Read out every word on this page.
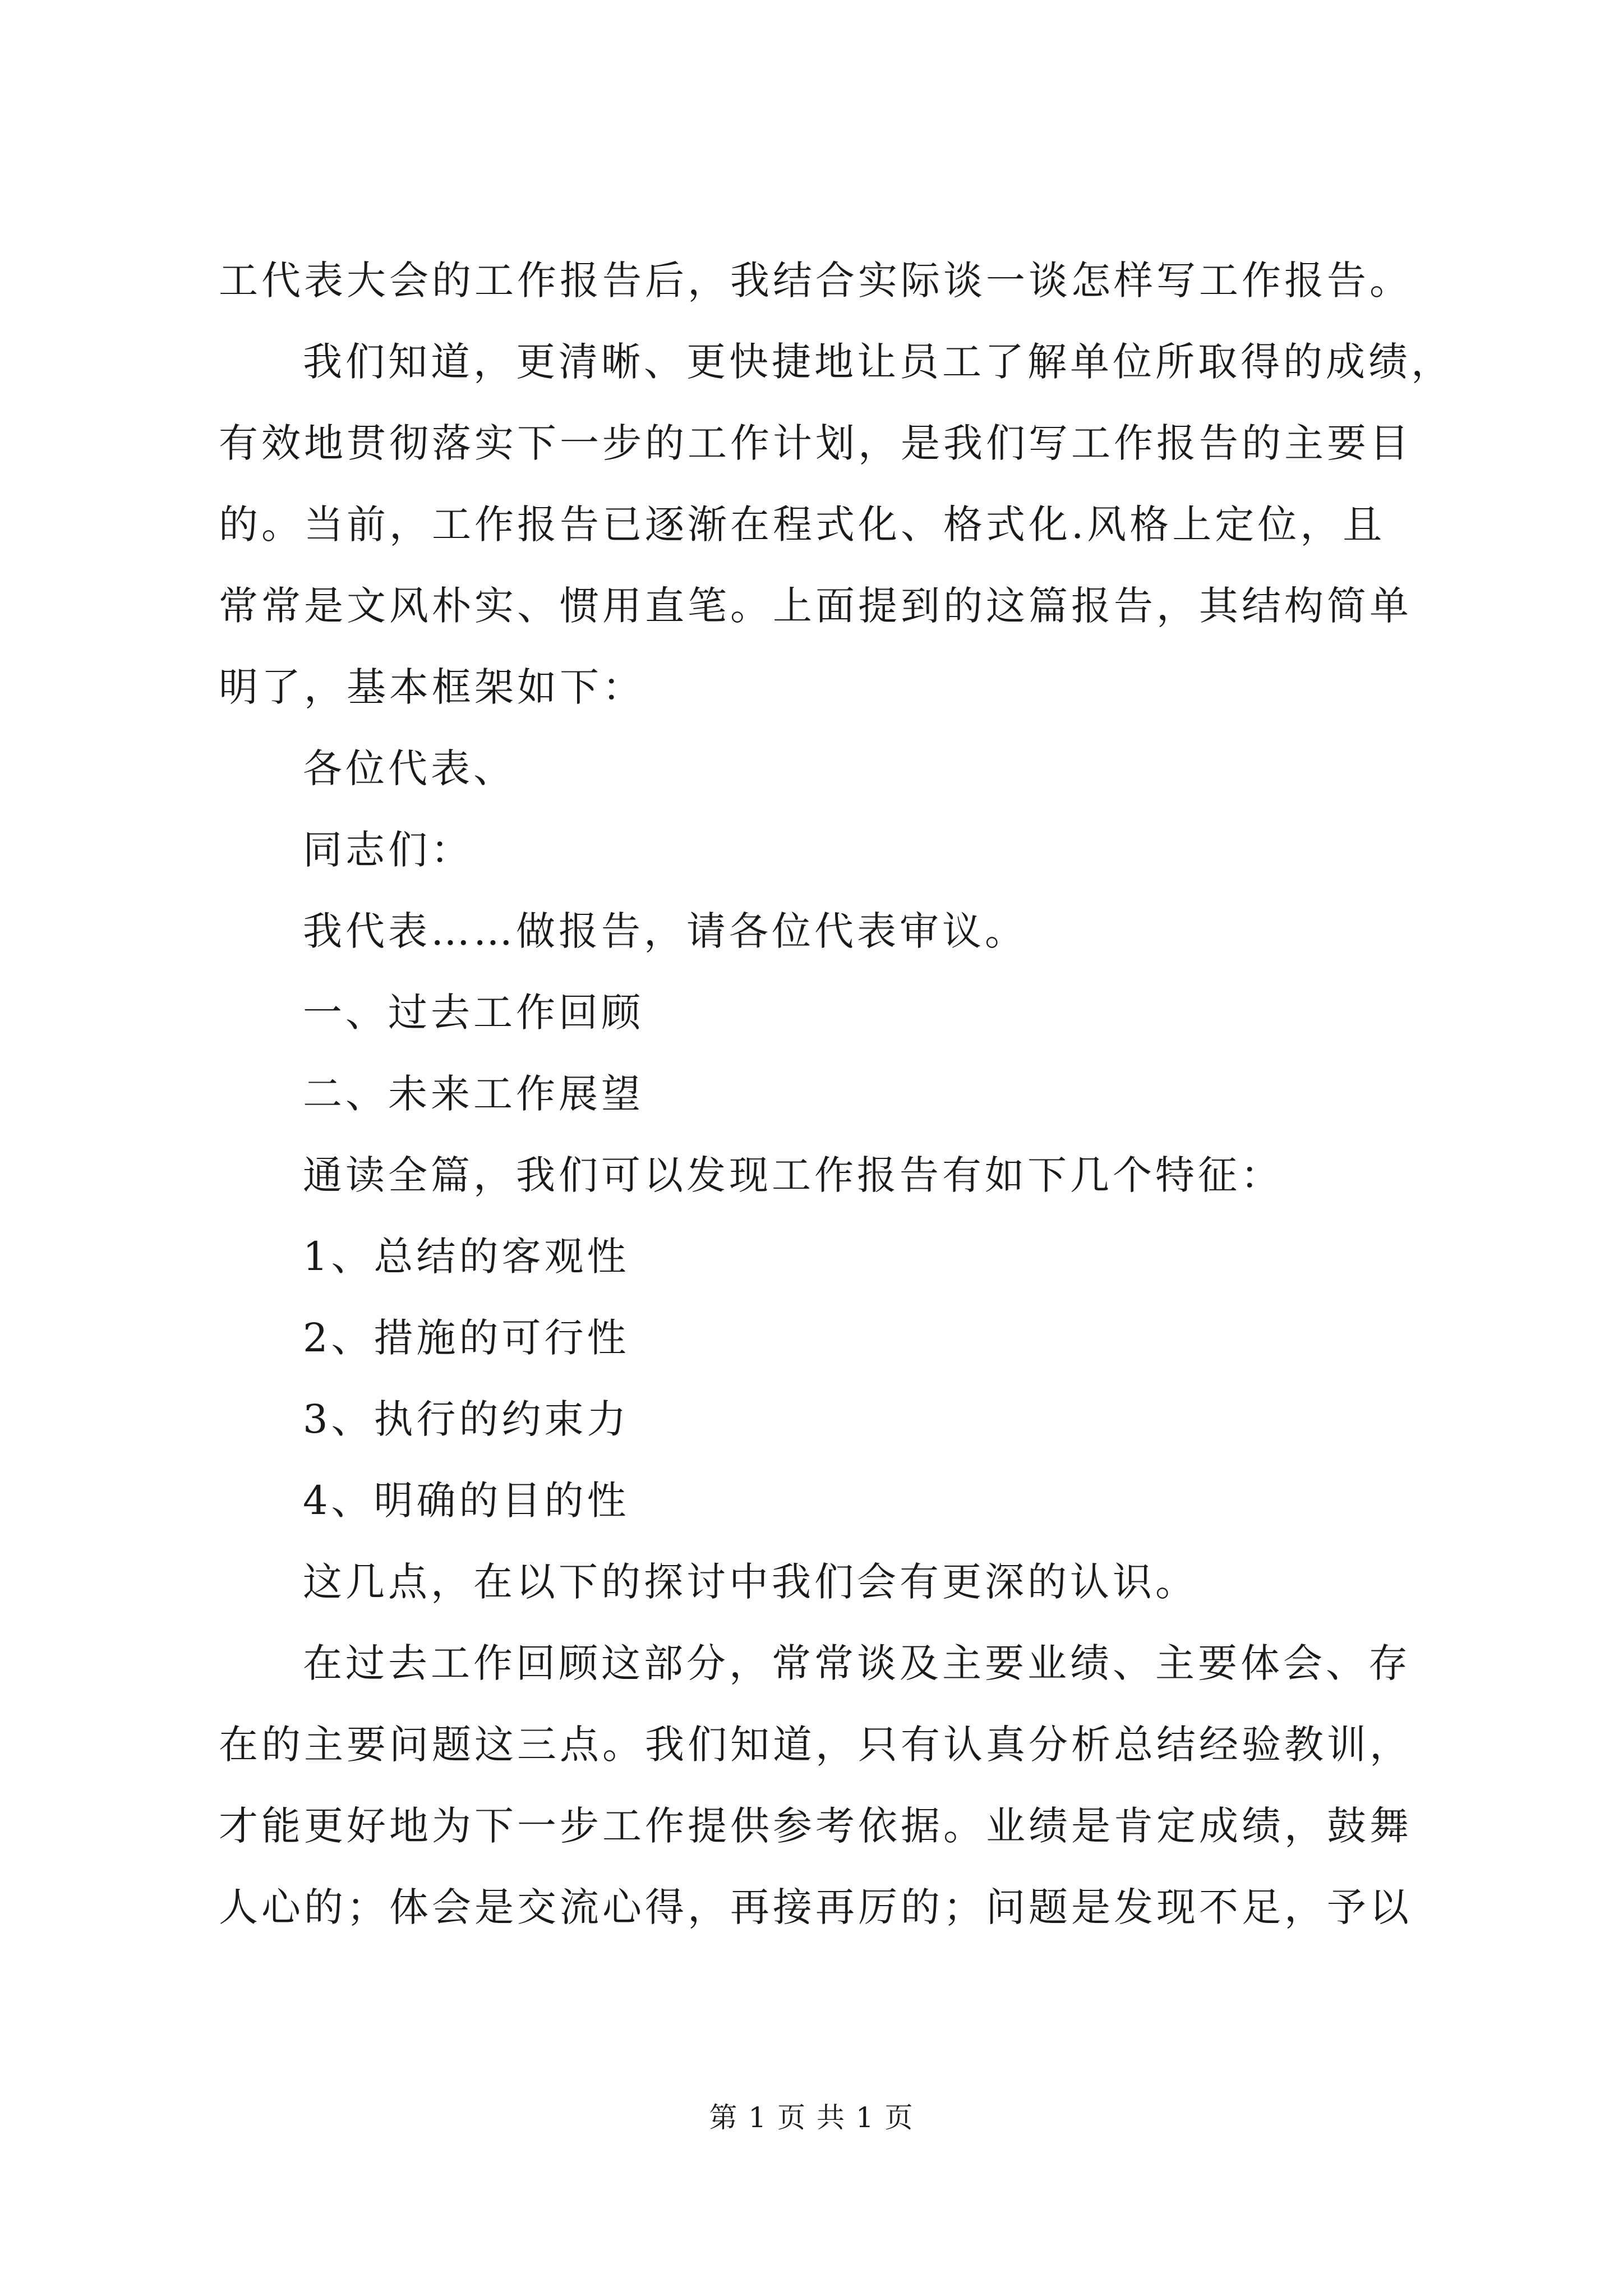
工代表大会的工作报告后，我结合实际谈一谈怎样写工作报告。
我们知道，更清晰、更快捷地让员工了解单位所取得的成绩，
有效地贯彻落实下一步的工作计划，是我们写工作报告的主要目
的。当前，工作报告已逐渐在程式化、格式化.风格上定位，且
常常是文风朴实、惯用直笔。上面提到的这篇报告，其结构简单
明了，基本框架如下：
各位代表、
同志们：
我代表……做报告，请各位代表审议。
一、过去工作回顾
二、未来工作展望
通读全篇，我们可以发现工作报告有如下几个特征：
1、总结的客观性
2、措施的可行性
3、执行的约束力
4、明确的目的性
这几点，在以下的探讨中我们会有更深的认识。
在过去工作回顾这部分，常常谈及主要业绩、主要体会、存
在的主要问题这三点。我们知道，只有认真分析总结经验教训，
才能更好地为下一步工作提供参考依据。业绩是肯定成绩，鼓舞
人心的；体会是交流心得，再接再厉的；问题是发现不足，予以
第 1 页 共 1 页
